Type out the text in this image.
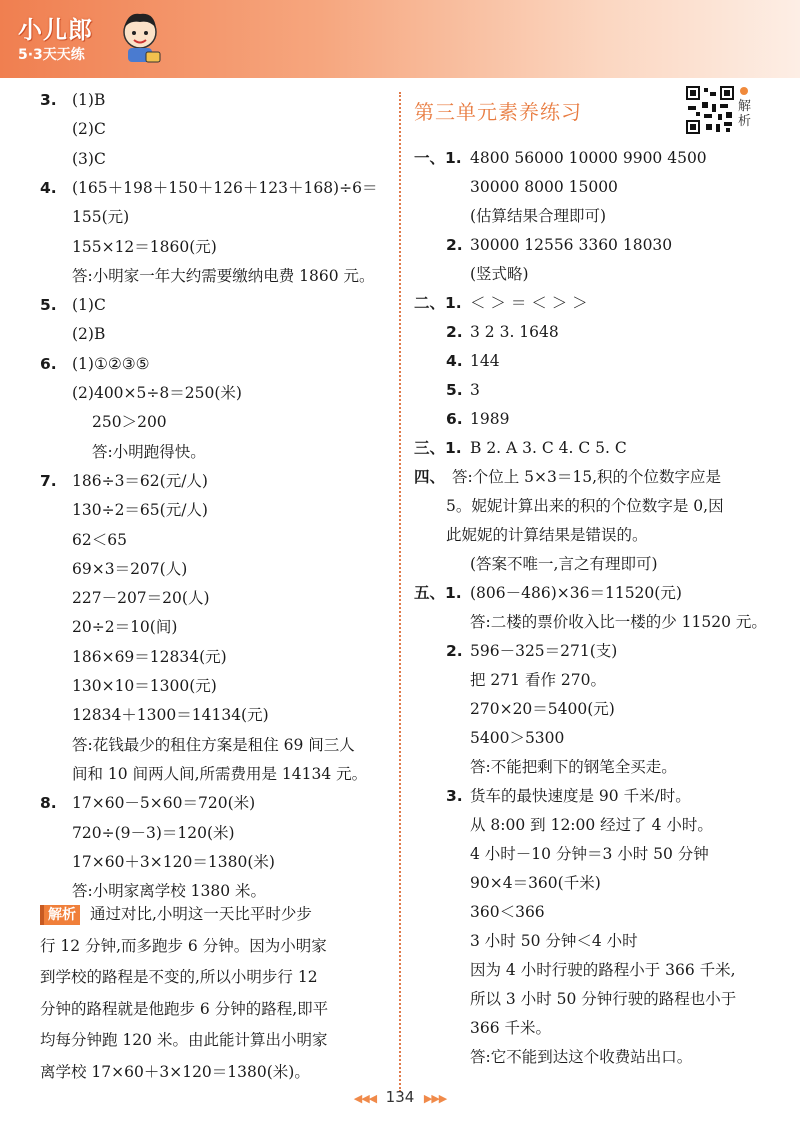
小儿郎
5·3天天练
第三单元素养练习	解析
3. (1)B
(2)C
(3)C
4. (165＋198＋150＋126＋123＋168)÷6＝
155(元)
155×12＝1860(元)
答:小明家一年大约需要缴纳电费 1860 元。
5. (1)C
(2)B
6. (1)①②③⑤
(2)400×5÷8＝250(米)
250＞200
答:小明跑得快。
7. 186÷3＝62(元/人)
130÷2＝65(元/人)
62＜65
69×3＝207(人)
227－207＝20(人)
20÷2＝10(间)
186×69＝12834(元)
130×10＝1300(元)
12834＋1300＝14134(元)
答:花钱最少的租住方案是租住 69 间三人
间和 10 间两人间,所需费用是 14134 元。
8. 17×60－5×60＝720(米)
720÷(9－3)＝120(米)
17×60＋3×120＝1380(米)
答:小明家离学校 1380 米。
一、1. 4800 56000 10000 9900 4500
30000 8000 15000
(估算结果合理即可)
2. 30000 12556 3360 18030
(竖式略)
二、1. ＜ ＞ ＝ ＜ ＞ ＞
2. 3 2 3. 1648
4. 144
5. 3
6. 1989
三、1. B 2. A 3. C 4. C 5. C
四、 答:个位上 5×3＝15,积的个位数字应是
5。妮妮计算出来的积的个位数字是 0,因
此妮妮的计算结果是错误的。
(答案不唯一,言之有理即可)
五、1. (806－486)×36＝11520(元)
答:二楼的票价收入比一楼的少 11520 元。
2. 596－325＝271(支)
把 271 看作 270。
270×20＝5400(元)
5400＞5300
答:不能把剩下的钢笔全买走。
3. 货车的最快速度是 90 千米/时。
从 8:00 到 12:00 经过了 4 小时。
4 小时－10 分钟＝3 小时 50 分钟
90×4＝360(千米)
360＜366
3 小时 50 分钟＜4 小时
因为 4 小时行驶的路程小于 366 千米,
所以 3 小时 50 分钟行驶的路程也小于
366 千米。
答:它不能到达这个收费站出口。
解析 通过对比,小明这一天比平时少步
行 12 分钟,而多跑步 6 分钟。因为小明家
到学校的路程是不变的,所以小明步行 12
分钟的路程就是他跑步 6 分钟的路程,即平
均每分钟跑 120 米。由此能计算出小明家
离学校 17×60＋3×120＝1380(米)。
◀◀◀ 134 ▶▶▶
